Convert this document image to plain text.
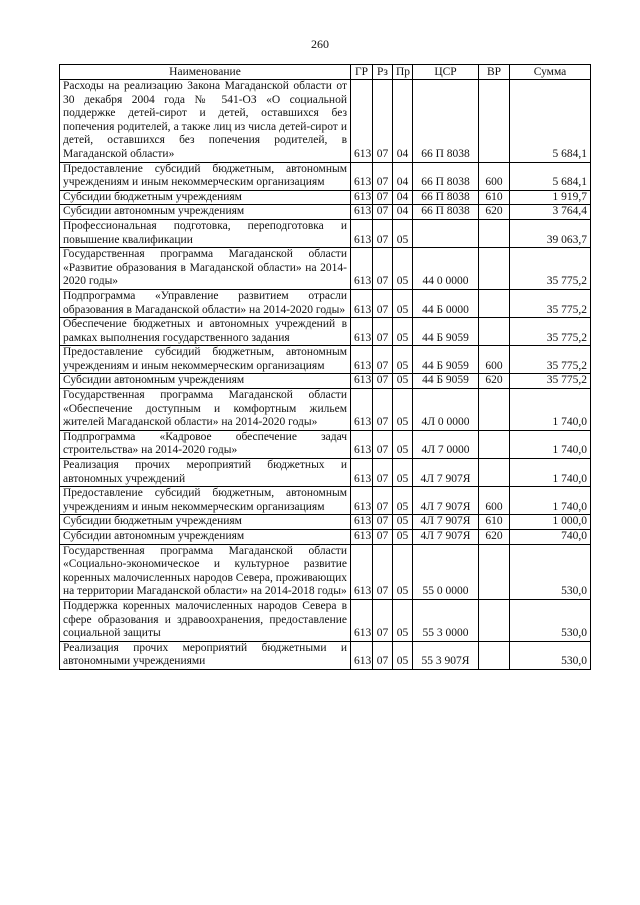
260
Наименование	ГР	Рз	Пр	ЦСР	ВР	Сумма
Расходы на реализацию Закона Магаданской области от 30 декабря 2004 года № 541-ОЗ «О социальной поддержке детей-сирот и детей, оставшихся без попечения родителей, а также лиц из числа детей-сирот и детей, оставшихся без попечения родителей, в Магаданской области»	613	07	04	66 П 8038		5 684,1
Предоставление субсидий бюджетным, автономным учреждениям и иным некоммерческим организациям	613	07	04	66 П 8038	600	5 684,1
Субсидии бюджетным учреждениям	613	07	04	66 П 8038	610	1 919,7
Субсидии автономным учреждениям	613	07	04	66 П 8038	620	3 764,4
Профессиональная подготовка, переподготовка и повышение квалификации	613	07	05			39 063,7
Государственная программа Магаданской области «Развитие образования в Магаданской области» на 2014-2020 годы»	613	07	05	44 0 0000		35 775,2
Подпрограмма «Управление развитием отрасли образования в Магаданской области» на 2014-2020 годы»	613	07	05	44 Б 0000		35 775,2
Обеспечение бюджетных и автономных учреждений в рамках выполнения государственного задания	613	07	05	44 Б 9059		35 775,2
Предоставление субсидий бюджетным, автономным учреждениям и иным некоммерческим организациям	613	07	05	44 Б 9059	600	35 775,2
Субсидии автономным учреждениям	613	07	05	44 Б 9059	620	35 775,2
Государственная программа Магаданской области «Обеспечение доступным и комфортным жильем жителей Магаданской области» на 2014-2020 годы»	613	07	05	4Л 0 0000		1 740,0
Подпрограмма «Кадровое обеспечение задач строительства» на 2014-2020 годы»	613	07	05	4Л 7 0000		1 740,0
Реализация прочих мероприятий бюджетных и автономных учреждений	613	07	05	4Л 7 907Я		1 740,0
Предоставление субсидий бюджетным, автономным учреждениям и иным некоммерческим организациям	613	07	05	4Л 7 907Я	600	1 740,0
Субсидии бюджетным учреждениям	613	07	05	4Л 7 907Я	610	1 000,0
Субсидии автономным учреждениям	613	07	05	4Л 7 907Я	620	740,0
Государственная программа Магаданской области «Социально-экономическое и культурное развитие коренных малочисленных народов Севера, проживающих на территории Магаданской области» на 2014-2018 годы»	613	07	05	55 0 0000		530,0
Поддержка коренных малочисленных народов Севера в сфере образования и здравоохранения, предоставление социальной защиты	613	07	05	55 3 0000		530,0
Реализация прочих мероприятий бюджетными и автономными учреждениями	613	07	05	55 3 907Я		530,0
